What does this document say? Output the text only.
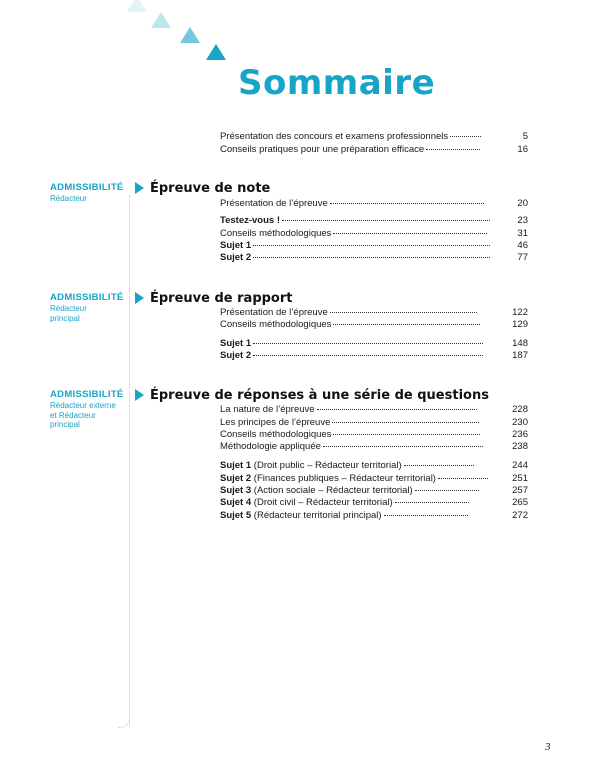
Sommaire
Présentation des concours et examens professionnels	5
Conseils pratiques pour une préparation efficace	16
ADMISSIBILITÉ
Rédacteur
Épreuve de note
Présentation de l’épreuve	20
Testez-vous !	23
Conseils méthodologiques	31
Sujet 1	46
Sujet 2	77
ADMISSIBILITÉ
Rédacteur principal
Épreuve de rapport
Présentation de l’épreuve	122
Conseils méthodologiques	129
Sujet 1	148
Sujet 2	187
ADMISSIBILITÉ
Rédacteur externe et Rédacteur principal
Épreuve de réponses à une série de questions
La nature de l’épreuve	228
Les principes de l’épreuve	230
Conseils méthodologiques	236
Méthodologie appliquée	238
Sujet 1 (Droit public – Rédacteur territorial)	244
Sujet 2 (Finances publiques – Rédacteur territorial)	251
Sujet 3 (Action sociale – Rédacteur territorial)	257
Sujet 4 (Droit civil – Rédacteur territorial)	265
Sujet 5 (Rédacteur territorial principal)	272
3
